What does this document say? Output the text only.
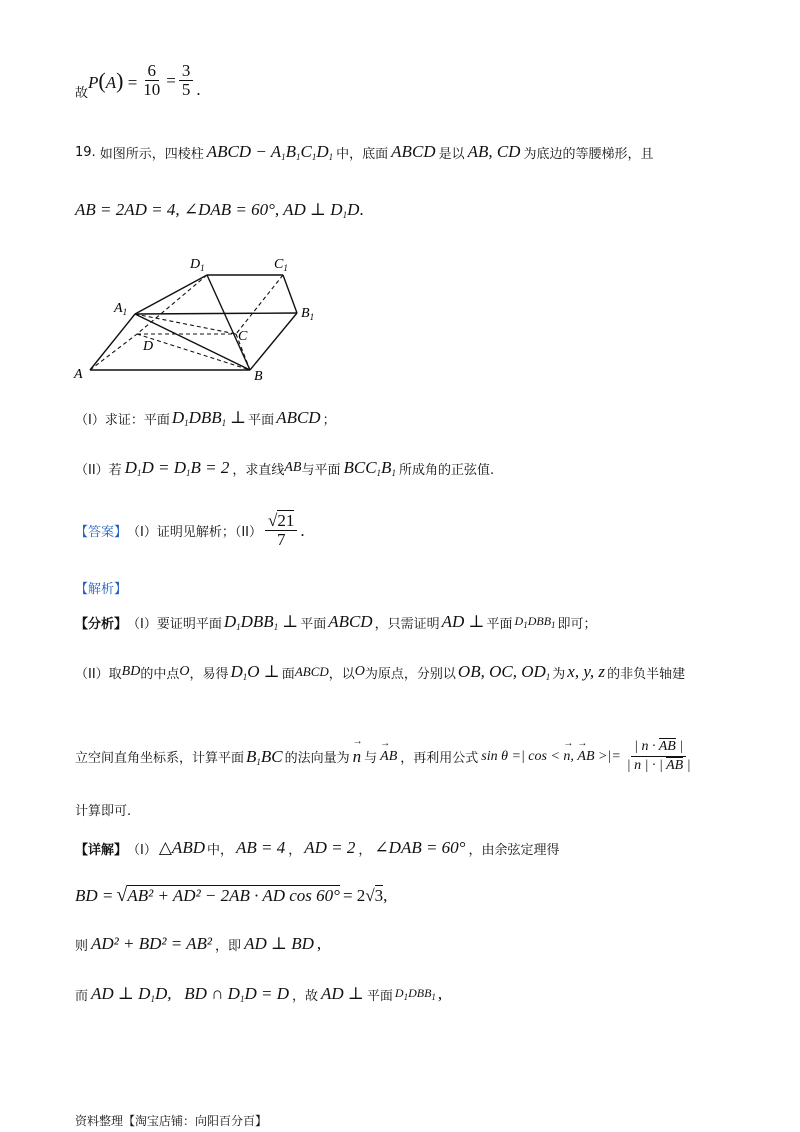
故
$P(A) = \frac{6}{10} = \frac{3}{5}$ .
19. 如图所示，四棱柱 ABCD − $A_1B_1C_1D_1$ 中，底面 ABCD 是以 AB, CD 为底边的等腰梯形，且
AB = 2AD = 4, ∠DAB = 60°, AD ⊥ $D_1D$ .
$D_1$	$C_1$
$A_1$	$B_1$
C
D
A	B
（I）求证：平面 $D_1DBB_1$ ⊥ 平面 ABCD ；
（II）若 $D_1D = D_1B = 2$ ，求直线 AB 与平面 $BCC_1B_1$ 所成角的正弦值.
【答案】 （I）证明见解析；$(II) \frac{√21}{7}$ .
【解析】
【分析】 （I）要证明平面 $D_1DBB_1$ ⊥ 平面 ABCD ，只需证明 AD ⊥ 平面 $D_1DBB_1$ 即可；
（II）取 BD 的中点 O ，易得 $D_1O$ ⊥ 面 ABCD ，以 O 为原点，分别以 OB, OC, $OD_1$ 为 x, y, z 的非负半轴建
立空间直角坐标系，计算平面 $B_1BC$ 的法向量为 → n 与 → AB ，再利用公式 sin θ =| cos < → n, → AB >|= $\frac{| n \cdot AB |}{| n | \cdot | AB |}$
计算即可.
【详解】 （I） △ABD 中， AB = 4 ， AD = 2 ， ∠DAB = 60° ，由余弦定理得
BD = √ AB² + AD² − 2AB · AD cos 60° = 2 √ 3 ,
则 AD² + BD² = AB² ，即 AD ⊥ BD ,
而 AD ⊥ $D_1D$,   BD ∩ $D_1D = D$ ，故 AD ⊥ 平面 $D_1DBB_1$ ,
资料整理【淘宝店铺：向阳百分百】
